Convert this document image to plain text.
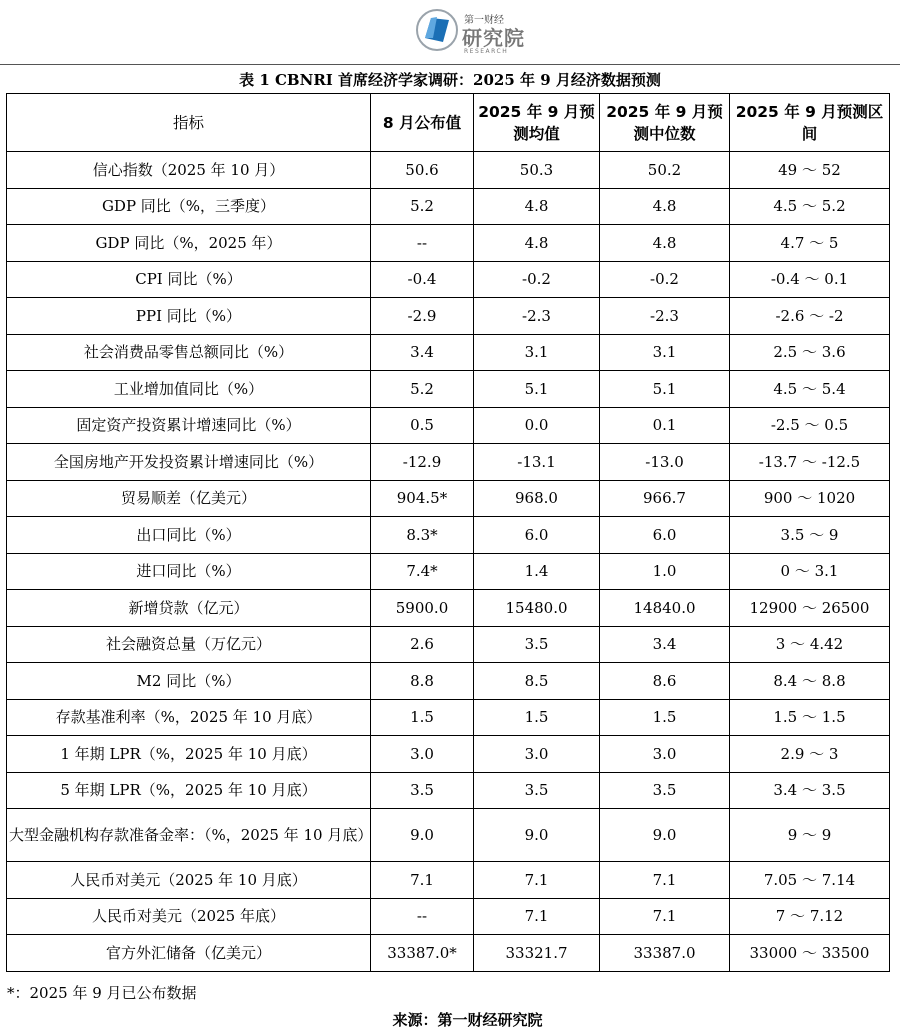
第一财经
研究院
RESEARCH
表 1 CBNRI 首席经济学家调研：2025 年 9 月经济数据预测
指标	8 月公布值	2025 年 9 月预测均值	2025 年 9 月预测中位数	2025 年 9 月预测区间
信心指数（2025 年 10 月）	50.6	50.3	50.2	49 ～ 52
GDP 同比（%，三季度）	5.2	4.8	4.8	4.5 ～ 5.2
GDP 同比（%，2025 年）	--	4.8	4.8	4.7 ～ 5
CPI 同比（%）	-0.4	-0.2	-0.2	-0.4 ～ 0.1
PPI 同比（%）	-2.9	-2.3	-2.3	-2.6 ～ -2
社会消费品零售总额同比（%）	3.4	3.1	3.1	2.5 ～ 3.6
工业增加值同比（%）	5.2	5.1	5.1	4.5 ～ 5.4
固定资产投资累计增速同比（%）	0.5	0.0	0.1	-2.5 ～ 0.5
全国房地产开发投资累计增速同比（%）	-12.9	-13.1	-13.0	-13.7 ～ -12.5
贸易顺差（亿美元）	904.5*	968.0	966.7	900 ～ 1020
出口同比（%）	8.3*	6.0	6.0	3.5 ～ 9
进口同比（%）	7.4*	1.4	1.0	0 ～ 3.1
新增贷款（亿元）	5900.0	15480.0	14840.0	12900 ～ 26500
社会融资总量（万亿元）	2.6	3.5	3.4	3 ～ 4.42
M2 同比（%）	8.8	8.5	8.6	8.4 ～ 8.8
存款基准利率（%，2025 年 10 月底）	1.5	1.5	1.5	1.5 ～ 1.5
1 年期 LPR（%，2025 年 10 月底）	3.0	3.0	3.0	2.9 ～ 3
5 年期 LPR（%，2025 年 10 月底）	3.5	3.5	3.5	3.4 ～ 3.5
大型金融机构存款准备金率：（%，2025 年 10 月底）	9.0	9.0	9.0	9 ～ 9
人民币对美元（2025 年 10 月底）	7.1	7.1	7.1	7.05 ～ 7.14
人民币对美元（2025 年底）	--	7.1	7.1	7 ～ 7.12
官方外汇储备（亿美元）	33387.0*	33321.7	33387.0	33000 ～ 33500
*：2025 年 9 月已公布数据
来源：第一财经研究院
